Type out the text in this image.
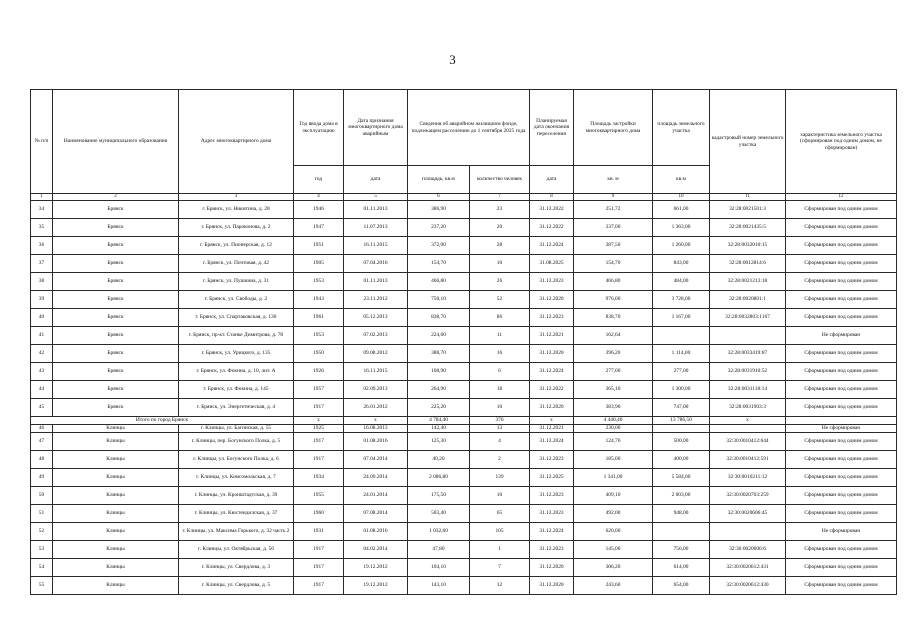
3
№ п/п	Наименование муниципального образования	Адрес многоквартирного дома	Год ввода дома в эксплуатацию	Дата признания многоквартирного дома аварийным	Сведения об аварийном жилищном фонде, подлежащем расселению до 1 сентября 2025 года		Планируемая дата окончания переселения	Площадь застройки многоквартирного дома	площадь земельного участка	кадастровый номер земельного участка	характеристика земельного участка (сформирован под одним домом, не сформирован)
			год	дата	площадь, кв.м	количество человек	дата	кв. м	кв.м		
1	2	3	4	5	6	7	8	9	10	11	12
34	Брянск	г. Брянск, ул. Никитина, д. 28	1946	01.11.2013	386,90	23	31.12.2022	251,72	661,00	32:28:0021501:3	Сформирован под одним домом
35	Брянск	г. Брянск, ул. Пароконова, д. 2	1947	11.07.2013	237,20	20	31.12.2022	337,00	1 363,00	32:28:0021435:5	Сформирован под одним домом
36	Брянск	г. Брянск, ул. Пионерская, д. 12	1951	16.11.2015	372,00	28	31.12.2024	287,50	1 260,00	32:28:0032010:15	Сформирован под одним домом
37	Брянск	г. Брянск, ул. Почтовая, д. 42	1905	07.04.2016	154,70	10	31.08.2025	154,70	843,00	32:28:0012814:6	Сформирован под одним домом
38	Брянск	г. Брянск, ул. Пушкина, д. 31	1953	01.11.2013	466,80	26	31.12.2023	466,80	484,00	32:28:0021213:18	Сформирован под одним домом
39	Брянск	г. Брянск, ул. Свободы, д. 2	1943	23.11.2012	750,10	52	31.12.2020	976,00	3 728,00	32:28:0020801:1	Сформирован под одним домом
40	Брянск	г. Брянск, ул. Спартаковская, д. 130	1961	05.12.2013	838,70	86	31.12.2023	838,70	1 167,00	32:28:0032803:1167	Сформирован под одним домом
41	Брянск	г. Брянск, пр-кт. Станке Димитрова, д. 78	1953	07.02.2013	224,60	11	31.12.2021	162,64			Не сформирован
42	Брянск	г. Брянск, ул. Урицкого, д. 135	1950	09.08.2012	388,70	16	31.12.2020	396,20	1 114,00	32:28:0033419:87	Сформирован под одним домом
43	Брянск	г. Брянск, ул. Фокина, д. 10, лит. А	1926	16.11.2015	108,90	6	31.12.2024	277,00	277,00	32:28:0031910:52	Сформирован под одним домом
44	Брянск	г. Брянск, ул. Фокина, д. 145	1957	02.09.2013	264,90	18	31.12.2022	365,10	1 300,00	32:28:0031118:14	Сформирован под одним домом
45	Брянск	г. Брянск, ул. Энергетическая, д. 4	1917	26.01.2012	225,20	10	31.12.2020	383,90	747,00	32:28:0031903:3	Сформирован под одним домом
Итого по город Брянск			x	x	4 784,40	376	x	4 440,40	13 786,50	x	
46	Клинцы	г. Клинцы, ул. Багинская, д. 55	1925	16.08.2013	142,40	13	31.12.2021	230,00			Не сформирован
47	Клинцы	г. Клинцы, пер. Богунского Полка, д. 5	1917	01.08.2016	125,30	4	31.12.2024	124,76	500,00	32:30:0010412:644	Сформирован под одним домом
48	Клинцы	г. Клинцы, ул. Богунского Полка, д. 6	1917	07.04.2014	40,20	2	31.12.2023	185,00	400,00	32:30:0010412:591	Сформирован под одним домом
49	Клинцы	г. Клинцы, ул. Комсомольская, д. 7	1934	24.09.2014	2 086,80	139	31.12.2025	1 341,00	5 584,00	32:30:0010211:12	Сформирован под одним домом
50	Клинцы	г. Клинцы, ул. Кронштадтская, д. 39	1955	24.01.2014	175,50	10	31.12.2023	409,10	2 003,00	32:30:0020703:259	Сформирован под одним домом
51	Клинцы	г. Клинцы, ул. Кюстендилская, д. 37	1960	07.08.2014	503,40	65	31.12.2023	492,00	948,00	32:30:0020606:45	Сформирован под одним домом
52	Клинцы	г. Клинцы, ул. Максима Горького, д. 32 часть 2	1931	01.08.2016	1 032,60	105	31.12.2024	620,00			Не сформирован
53	Клинцы	г. Клинцы, ул. Октябрьская, д. 56	1917	04.02.2014	47,80	1	31.12.2023	145,00	756,00	32:30:0020606:6	Сформирован под одним домом
54	Клинцы	г. Клинцы, ул. Свердлова, д. 3	1917	19.12.2012	104,10	7	31.12.2020	306,20	614,00	32:30:0020612:431	Сформирован под одним домом
55	Клинцы	г. Клинцы, ул. Свердлова, д. 5	1917	19.12.2012	143,10	12	31.12.2020	243,60	654,00	32:30:0020612:430	Сформирован под одним домом
